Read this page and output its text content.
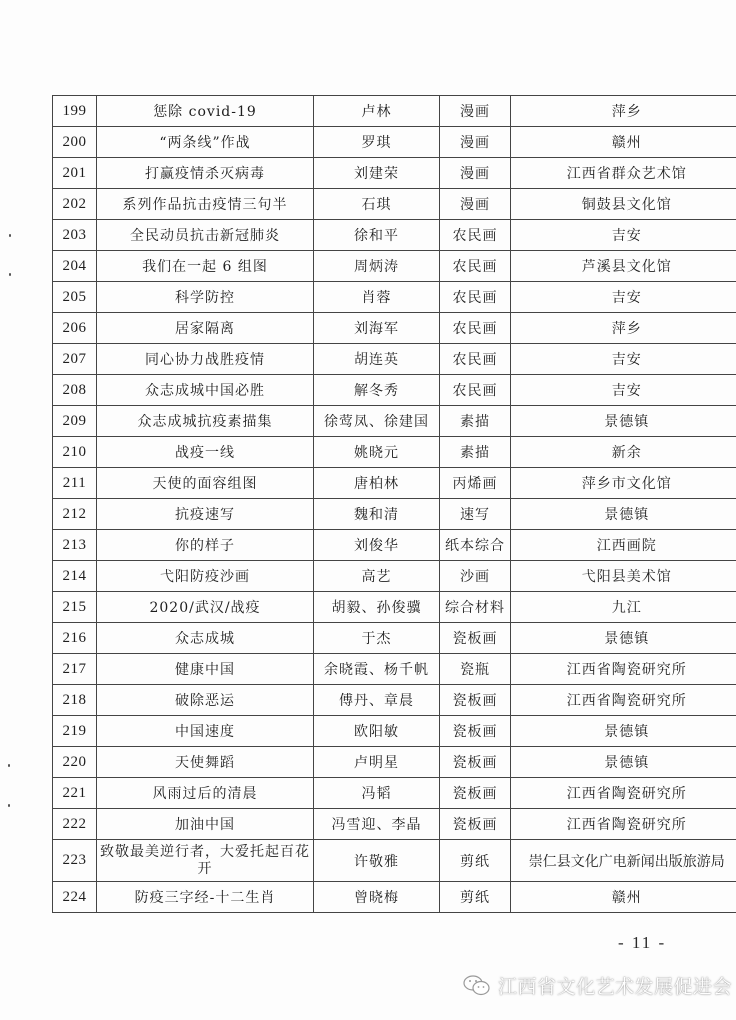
199	惩除 covid-19	卢林	漫画	萍乡
200	“两条线”作战	罗琪	漫画	赣州
201	打赢疫情杀灭病毒	刘建荣	漫画	江西省群众艺术馆
202	系列作品抗击疫情三句半	石琪	漫画	铜鼓县文化馆
203	全民动员抗击新冠肺炎	徐和平	农民画	吉安
204	我们在一起 6 组图	周炳涛	农民画	芦溪县文化馆
205	科学防控	肖蓉	农民画	吉安
206	居家隔离	刘海军	农民画	萍乡
207	同心协力战胜疫情	胡连英	农民画	吉安
208	众志成城中国必胜	解冬秀	农民画	吉安
209	众志成城抗疫素描集	徐莺凤、徐建国	素描	景德镇
210	战疫一线	姚晓元	素描	新余
211	天使的面容组图	唐柏林	丙烯画	萍乡市文化馆
212	抗疫速写	魏和清	速写	景德镇
213	你的样子	刘俊华	纸本综合	江西画院
214	弋阳防疫沙画	高艺	沙画	弋阳县美术馆
215	2020/武汉/战疫	胡毅、孙俊骥	综合材料	九江
216	众志成城	于杰	瓷板画	景德镇
217	健康中国	余晓霞、杨千帆	瓷瓶	江西省陶瓷研究所
218	破除恶运	傅丹、章晨	瓷板画	江西省陶瓷研究所
219	中国速度	欧阳敏	瓷板画	景德镇
220	天使舞蹈	卢明星	瓷板画	景德镇
221	风雨过后的清晨	冯韬	瓷板画	江西省陶瓷研究所
222	加油中国	冯雪迎、李晶	瓷板画	江西省陶瓷研究所
223	致敬最美逆行者，大爱托起百花开	许敬雅	剪纸	崇仁县文化广电新闻出版旅游局
224	防疫三字经-十二生肖	曾晓梅	剪纸	赣州
- 11 -
江西省文化艺术发展促进会
